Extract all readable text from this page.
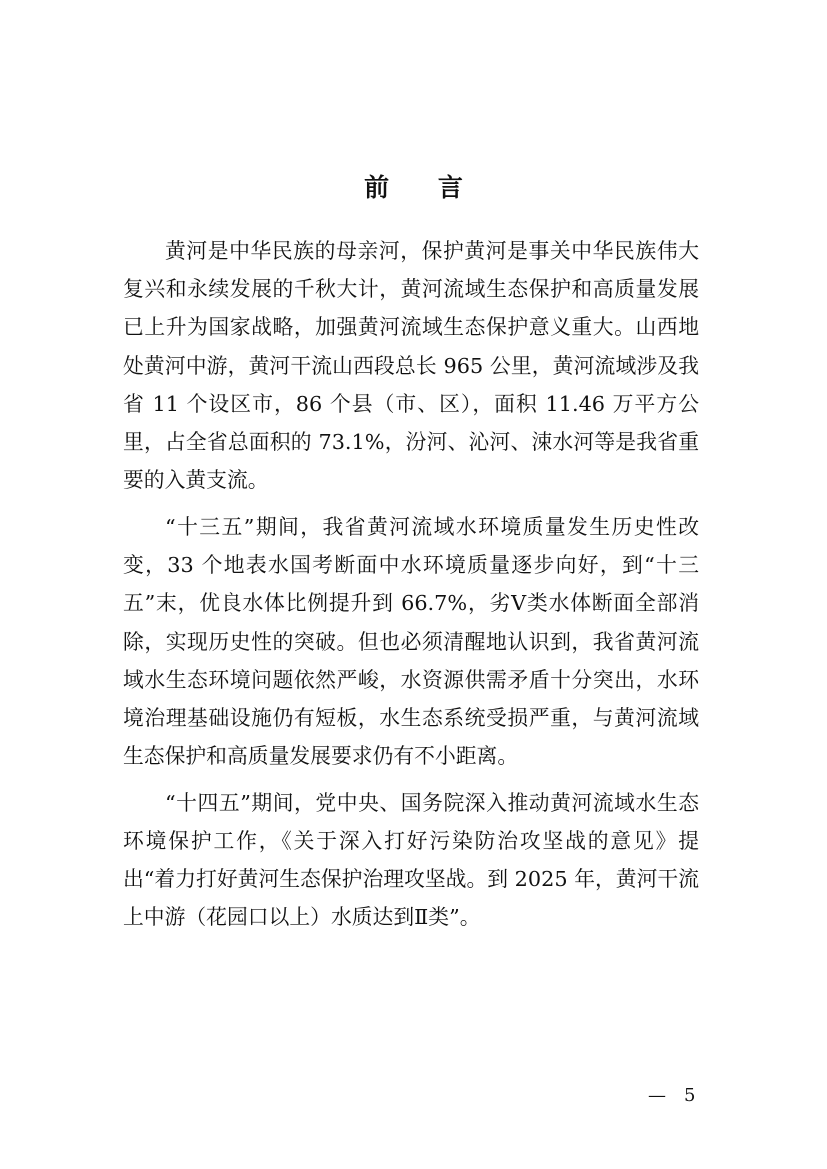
前 言

黄河是中华民族的母亲河，保护黄河是事关中华民族伟大复兴和永续发展的千秋大计，黄河流域生态保护和高质量发展已上升为国家战略，加强黄河流域生态保护意义重大。山西地处黄河中游，黄河干流山西段总长 965 公里，黄河流域涉及我省 11 个设区市，86 个县（市、区），面积 11.46 万平方公里，占全省总面积的 73.1%，汾河、沁河、涑水河等是我省重要的入黄支流。

“十三五”期间，我省黄河流域水环境质量发生历史性改变，33 个地表水国考断面中水环境质量逐步向好，到“十三五”末，优良水体比例提升到 66.7%，劣Ⅴ类水体断面全部消除，实现历史性的突破。但也必须清醒地认识到，我省黄河流域水生态环境问题依然严峻，水资源供需矛盾十分突出，水环境治理基础设施仍有短板，水生态系统受损严重，与黄河流域生态保护和高质量发展要求仍有不小距离。

“十四五”期间，党中央、国务院深入推动黄河流域水生态环境保护工作，《关于深入打好污染防治攻坚战的意见》提出“着力打好黄河生态保护治理攻坚战。到 2025 年，黄河干流上中游（花园口以上）水质达到Ⅱ类”。

— 5
